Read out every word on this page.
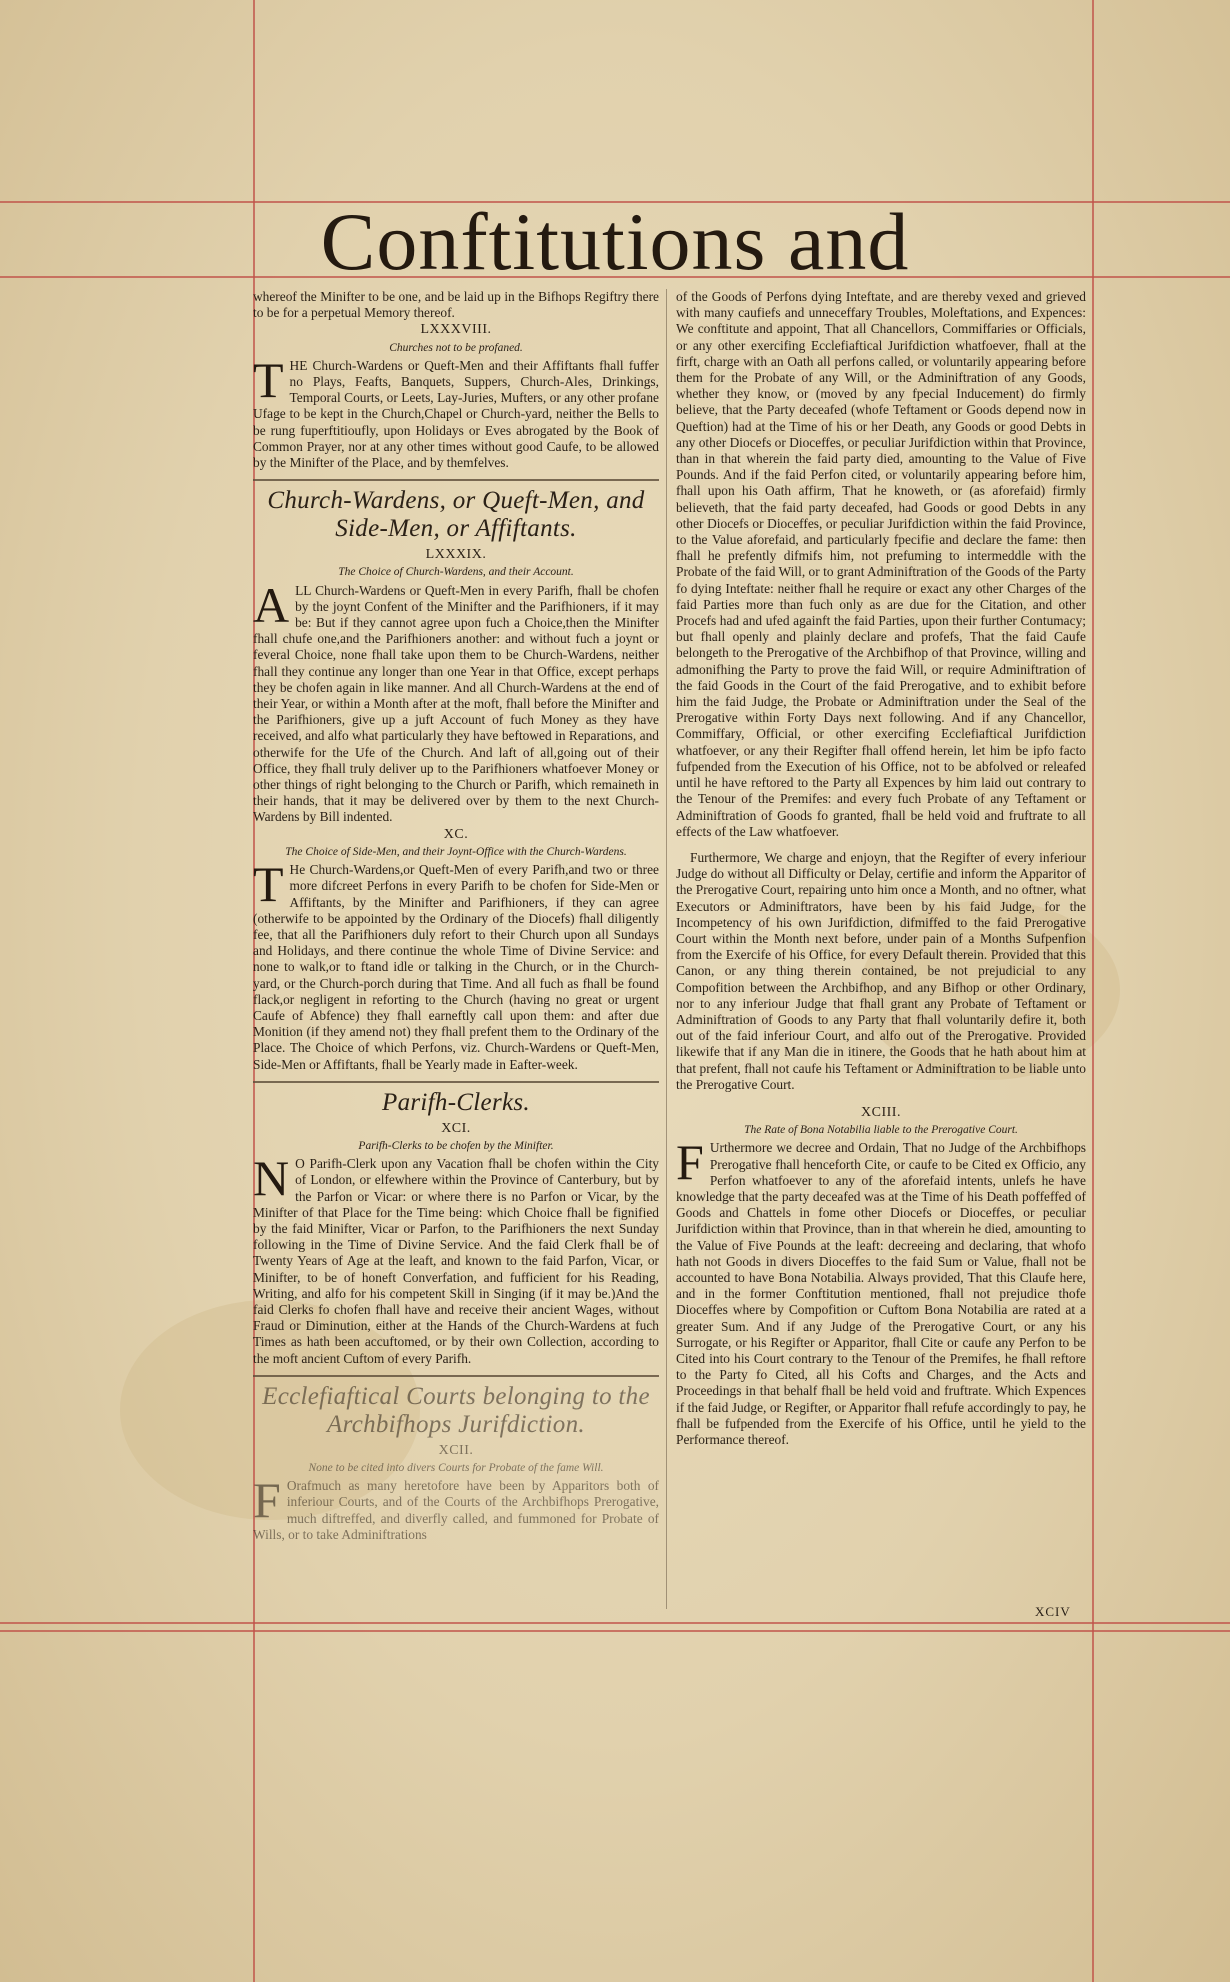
Conftitutions and

whereof the Minifter to be one, and be laid up in the Bifhops Regiftry there to be for a perpetual Memory thereof.

LXXXVIII.
Churches not to be profaned.

THE Church-Wardens or Queft-Men and their Affiftants fhall fuffer no Plays, Feafts, Banquets, Suppers, Church-Ales, Drinkings, Temporal Courts, or Leets, Lay-Juries, Mufters, or any other profane Ufage to be kept in the Church,Chapel or Church-yard, neither the Bells to be rung fuperftitioufly, upon Holidays or Eves abrogated by the Book of Common Prayer, nor at any other times without good Caufe, to be allowed by the Minifter of the Place, and by themfelves.

Church-Wardens, or Queft-Men, and Side-Men, or Affiftants.
LXXXIX.
The Choice of Church-Wardens, and their Account.

ALL Church-Wardens or Queft-Men in every Parifh, fhall be chofen by the joynt Confent of the Minifter and the Parifhioners, if it may be: But if they cannot agree upon fuch a Choice,then the Minifter fhall chufe one,and the Parifhioners another: and without fuch a joynt or feveral Choice, none fhall take upon them to be Church-Wardens, neither fhall they continue any longer than one Year in that Office, except perhaps they be chofen again in like manner. And all Church-Wardens at the end of their Year, or within a Month after at the moft, fhall before the Minifter and the Parifhioners, give up a juft Account of fuch Money as they have received, and alfo what particularly they have beftowed in Reparations, and otherwife for the Ufe of the Church. And laft of all,going out of their Office, they fhall truly deliver up to the Parifhioners whatfoever Money or other things of right belonging to the Church or Parifh, which remaineth in their hands, that it may be delivered over by them to the next Church-Wardens by Bill indented.

XC.
The Choice of Side-Men, and their Joynt-Office with the Church-Wardens.

T He Church-Wardens,or Queft-Men of every Parifh,and two or three more difcreet Perfons in every Parifh to be chofen for Side-Men or Affiftants, by the Minifter and Parifhioners, if they can agree (otherwife to be appointed by the Ordinary of the Diocefs) fhall diligently fee, that all the Parifhioners duly refort to their Church upon all Sundays and Holidays, and there continue the whole Time of Divine Service: and none to walk,or to ftand idle or talking in the Church, or in the Church-yard, or the Church-porch during that Time. And all fuch as fhall be found flack,or negligent in reforting to the Church (having no great or urgent Caufe of Abfence) they fhall earneftly call upon them: and after due Monition (if they amend not) they fhall prefent them to the Ordinary of the Place. The Choice of which Perfons, viz. Church-Wardens or Queft-Men, Side-Men or Affiftants, fhall be Yearly made in Eafter-week.

Parifh-Clerks.
XCI.
Parifh-Clerks to be chofen by the Minifter.

N O Parifh-Clerk upon any Vacation fhall be chofen within the City of London, or elfewhere within the Province of Canterbury, but by the Parfon or Vicar: or where there is no Parfon or Vicar, by the Minifter of that Place for the Time being: which Choice fhall be fignified by the faid Minifter, Vicar or Parfon, to the Parifhioners the next Sunday following in the Time of Divine Service. And the faid Clerk fhall be of Twenty Years of Age at the leaft, and known to the faid Parfon, Vicar, or Minifter, to be of honeft Converfation, and fufficient for his Reading, Writing, and alfo for his competent Skill in Singing (if it may be.)And the faid Clerks fo chofen fhall have and receive their ancient Wages, without Fraud or Diminution, either at the Hands of the Church-Wardens at fuch Times as hath been accuftomed, or by their own Collection, according to the moft ancient Cuftom of every Parifh.

Ecclefiaftical Courts belonging to the Archbifhops Jurifdiction.
XCII.
None to be cited into divers Courts for Probate of the fame Will.

F Orafmuch as many heretofore have been by Apparitors both of inferiour Courts, and of the Courts of the Archbifhops Prerogative, much diftreffed, and diverfly called, and fummoned for Probate of Wills, or to take Adminiftrations

of the Goods of Perfons dying Inteftate, and are thereby vexed and grieved with many caufiefs and unneceffary Troubles, Moleftations, and Expences: We conftitute and appoint, That all Chancellors, Commiffaries or Officials, or any other exercifing Ecclefiaftical Jurifdiction whatfoever, fhall at the firft, charge with an Oath all perfons called, or voluntarily appearing before them for the Probate of any Will, or the Adminiftration of any Goods, whether they know, or (moved by any fpecial Inducement) do firmly believe, that the Party deceafed (whofe Teftament or Goods depend now in Queftion) had at the Time of his or her Death, any Goods or good Debts in any other Diocefs or Dioceffes, or peculiar Jurifdiction within that Province, than in that wherein the faid party died, amounting to the Value of Five Pounds. And if the faid Perfon cited, or voluntarily appearing before him, fhall upon his Oath affirm, That he knoweth, or (as aforefaid) firmly believeth, that the faid party deceafed, had Goods or good Debts in any other Diocefs or Dioceffes, or peculiar Jurifdiction within the faid Province, to the Value aforefaid, and particularly fpecifie and declare the fame: then fhall he prefently difmifs him, not prefuming to intermeddle with the Probate of the faid Will, or to grant Adminiftration of the Goods of the Party fo dying Inteftate: neither fhall he require or exact any other Charges of the faid Parties more than fuch only as are due for the Citation, and other Procefs had and ufed againft the faid Parties, upon their further Contumacy; but fhall openly and plainly declare and profefs, That the faid Caufe belongeth to the Prerogative of the Archbifhop of that Province, willing and admonifhing the Party to prove the faid Will, or require Adminiftration of the faid Goods in the Court of the faid Prerogative, and to exhibit before him the faid Judge, the Probate or Adminiftration under the Seal of the Prerogative within Forty Days next following. And if any Chancellor, Commiffary, Official, or other exercifing Ecclefiaftical Jurifdiction whatfoever, or any their Regifter fhall offend herein, let him be ipfo facto fufpended from the Execution of his Office, not to be abfolved or releafed until he have reftored to the Party all Expences by him laid out contrary to the Tenour of the Premifes: and every fuch Probate of any Teftament or Adminiftration of Goods fo granted, fhall be held void and fruftrate to all effects of the Law whatfoever.

Furthermore, We charge and enjoyn, that the Regifter of every inferiour Judge do without all Difficulty or Delay, certifie and inform the Apparitor of the Prerogative Court, repairing unto him once a Month, and no oftner, what Executors or Adminiftrators, have been by his faid Judge, for the Incompetency of his own Jurifdiction, difmiffed to the faid Prerogative Court within the Month next before, under pain of a Months Sufpenfion from the Exercife of his Office, for every Default therein. Provided that this Canon, or any thing therein contained, be not prejudicial to any Compofition between the Archbifhop, and any Bifhop or other Ordinary, nor to any inferiour Judge that fhall grant any Probate of Teftament or Adminiftration of Goods to any Party that fhall voluntarily defire it, both out of the faid inferiour Court, and alfo out of the Prerogative. Provided likewife that if any Man die in itinere, the Goods that he hath about him at that prefent, fhall not caufe his Teftament or Adminiftration to be liable unto the Prerogative Court.

XCIII.
The Rate of Bona Notabilia liable to the Prerogative Court.

F Urthermore we decree and Ordain, That no Judge of the Archbifhops Prerogative fhall henceforth Cite, or caufe to be Cited ex Officio, any Perfon whatfoever to any of the aforefaid intents, unlefs he have knowledge that the party deceafed was at the Time of his Death poffeffed of Goods and Chattels in fome other Diocefs or Dioceffes, or peculiar Jurifdiction within that Province, than in that wherein he died, amounting to the Value of Five Pounds at the leaft: decreeing and declaring, that whofo hath not Goods in divers Dioceffes to the faid Sum or Value, fhall not be accounted to have Bona Notabilia. Always provided, That this Claufe here, and in the former Conftitution mentioned, fhall not prejudice thofe Dioceffes where by Compofition or Cuftom Bona Notabilia are rated at a greater Sum. And if any Judge of the Prerogative Court, or any his Surrogate, or his Regifter or Apparitor, fhall Cite or caufe any Perfon to be Cited into his Court contrary to the Tenour of the Premifes, he fhall reftore to the Party fo Cited, all his Cofts and Charges, and the Acts and Proceedings in that behalf fhall be held void and fruftrate. Which Expences if the faid Judge, or Regifter, or Apparitor fhall refufe accordingly to pay, he fhall be fufpended from the Exercife of his Office, until he yield to the Performance thereof.

XCIV
